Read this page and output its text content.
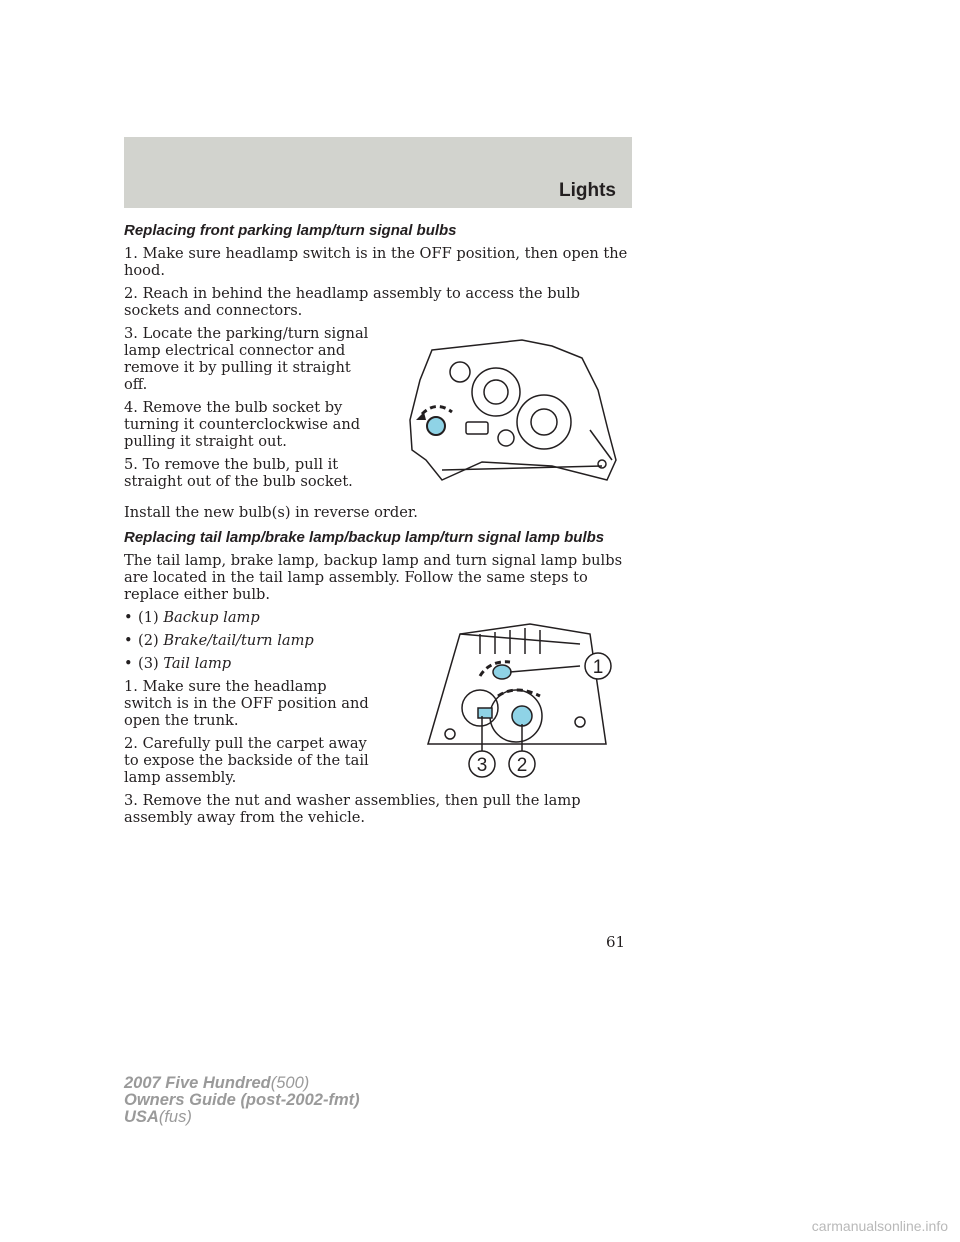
Lights
Replacing front parking lamp/turn signal bulbs
1. Make sure headlamp switch is in the OFF position, then open the hood.
2. Reach in behind the headlamp assembly to access the bulb sockets and connectors.
3. Locate the parking/turn signal lamp electrical connector and remove it by pulling it straight off.
4. Remove the bulb socket by turning it counterclockwise and pulling it straight out.
5. To remove the bulb, pull it straight out of the bulb socket.
Install the new bulb(s) in reverse order.
Replacing tail lamp/brake lamp/backup lamp/turn signal lamp bulbs
The tail lamp, brake lamp, backup lamp and turn signal lamp bulbs are located in the tail lamp assembly. Follow the same steps to replace either bulb.
• (1)
Backup lamp
• (2)
Brake/tail/turn lamp
• (3)
Tail lamp
1. Make sure the headlamp switch is in the OFF position and open the trunk.
2. Carefully pull the carpet away to expose the backside of the tail lamp assembly.
3. Remove the nut and washer assemblies, then pull the lamp assembly away from the vehicle.
1
3 2
61
2007 Five Hundred(500)
Owners Guide (post-2002-fmt)
USA(fus)
carmanualsonline.info
